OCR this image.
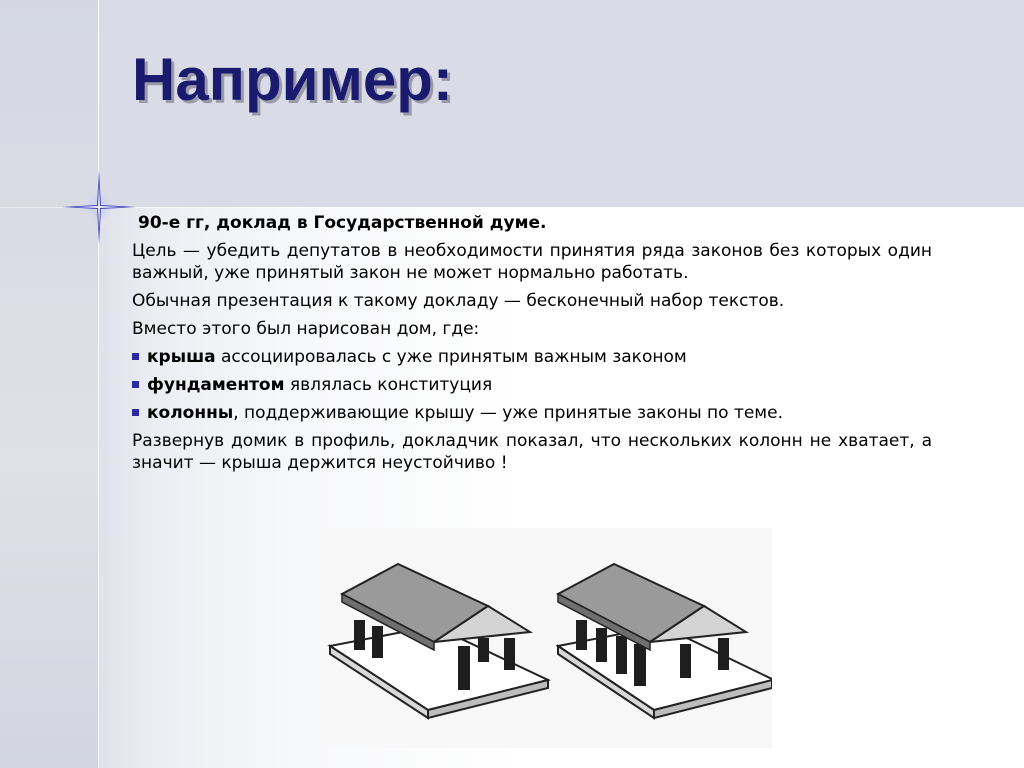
Например:

90-е гг, доклад в Государственной думе.

Цель — убедить депутатов в необходимости принятия ряда законов без которых один важный, уже принятый закон не может нормально работать.

Обычная презентация к такому докладу — бесконечный набор текстов.

Вместо этого был нарисован дом, где:

крыша ассоциировалась с уже принятым важным законом
фундаментом являлась конституция
колонны, поддерживающие крышу — уже принятые законы по теме.

Развернув домик в профиль, докладчик показал, что нескольких колонн не хватает, а значит — крыша держится неустойчиво !
